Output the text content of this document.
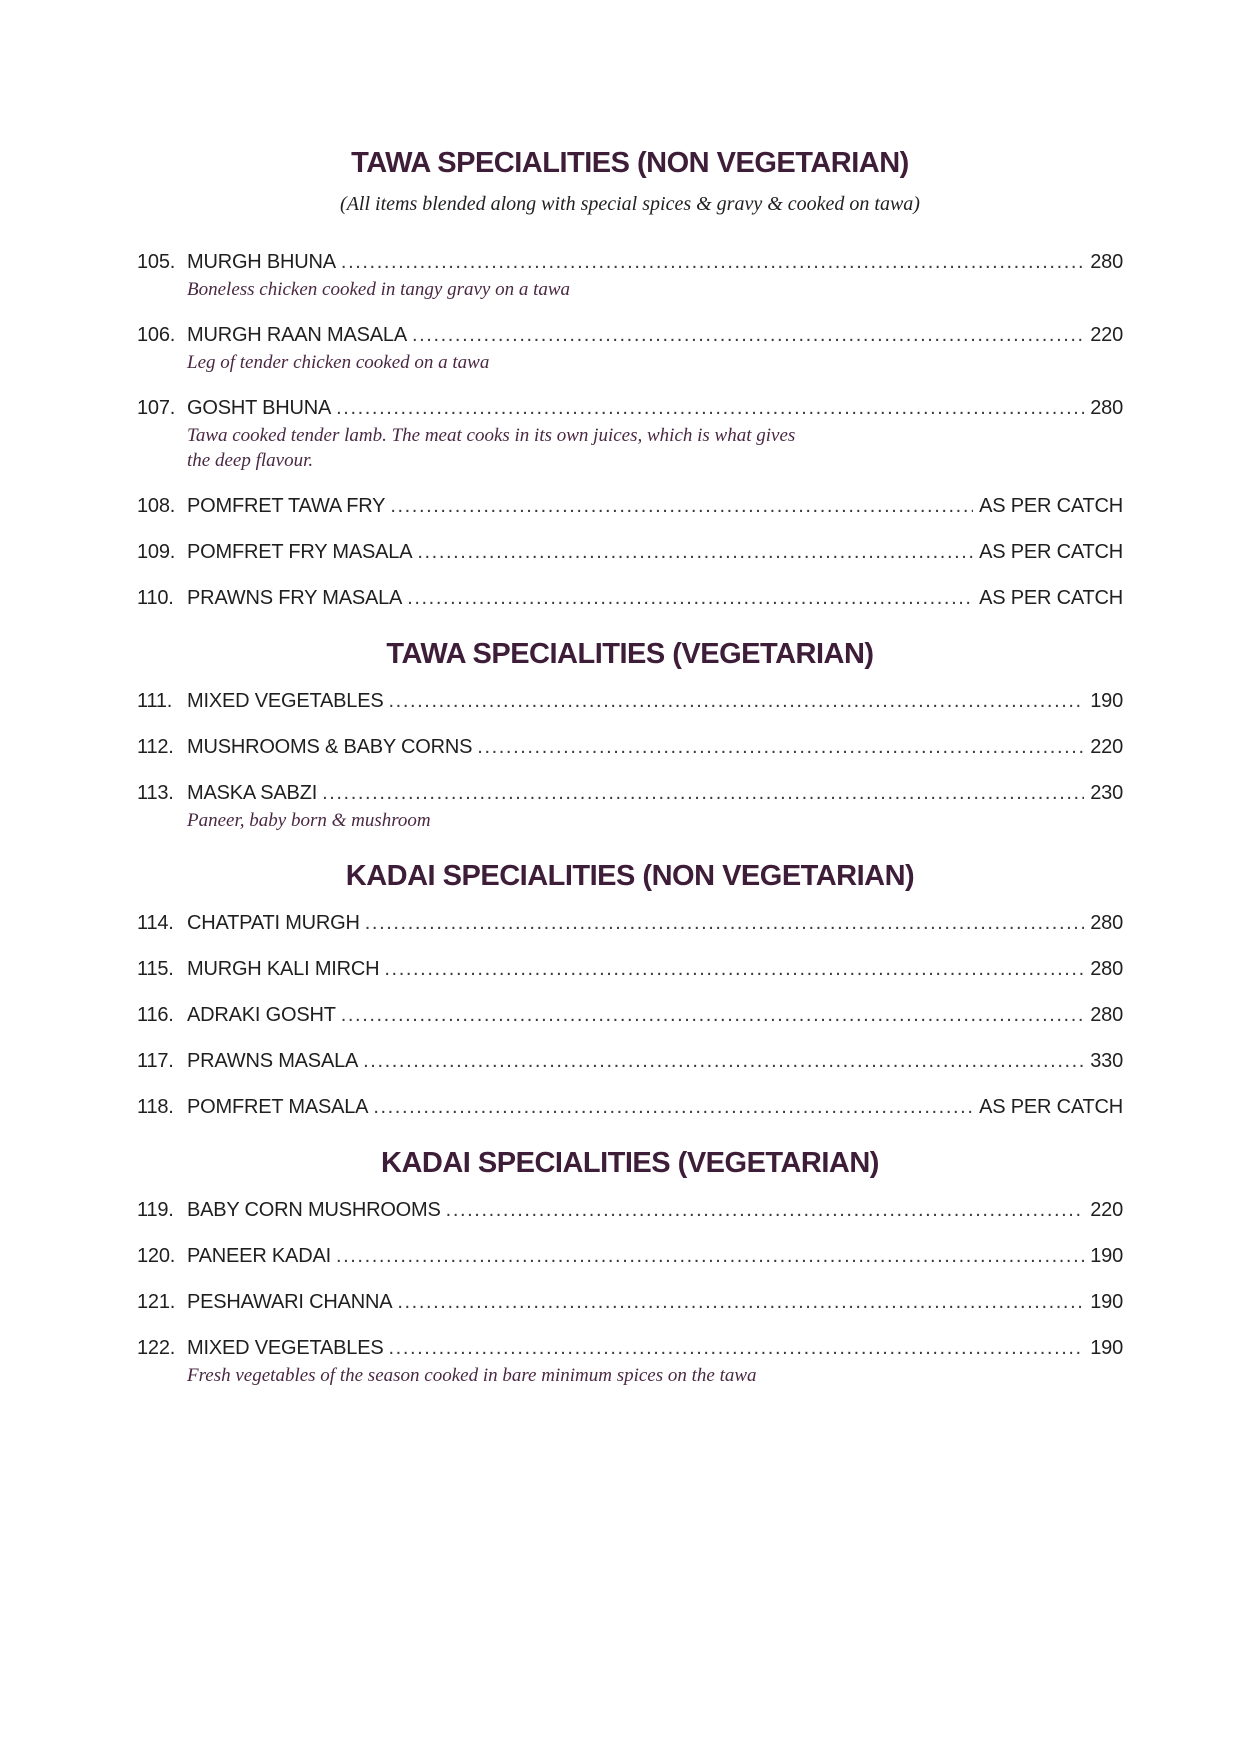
TAWA SPECIALITIES (NON VEGETARIAN)

(All items blended along with special spices & gravy & cooked on tawa)

105. MURGH BHUNA .....	280

Boneless chicken cooked in tangy gravy on a tawa

106. MURGH RAAN MASALA .....	220

Leg of tender chicken cooked on a tawa

107. GOSHT BHUNA .....	280

Tawa cooked tender lamb. The meat cooks in its own juices, which is what gives the deep flavour.

108. POMFRET TAWA FRY .....	AS PER CATCH
109. POMFRET FRY MASALA .....	AS PER CATCH
110. PRAWNS FRY MASALA .....	AS PER CATCH
TAWA SPECIALITIES (VEGETARIAN)
111. MIXED VEGETABLES .....	190
112. MUSHROOMS & BABY CORNS .....	220
113. MASKA SABZI .....	230

Paneer, baby born & mushroom

KADAI SPECIALITIES (NON VEGETARIAN)
114. CHATPATI MURGH .....	280
115. MURGH KALI MIRCH .....	280
116. ADRAKI GOSHT .....	280
117. PRAWNS MASALA .....	330
118. POMFRET MASALA .....	AS PER CATCH
KADAI SPECIALITIES (VEGETARIAN)
119. BABY CORN MUSHROOMS .....	220
120. PANEER KADAI .....	190
121. PESHAWARI CHANNA .....	190
122. MIXED VEGETABLES .....	190

Fresh vegetables of the season cooked in bare minimum spices on the tawa
